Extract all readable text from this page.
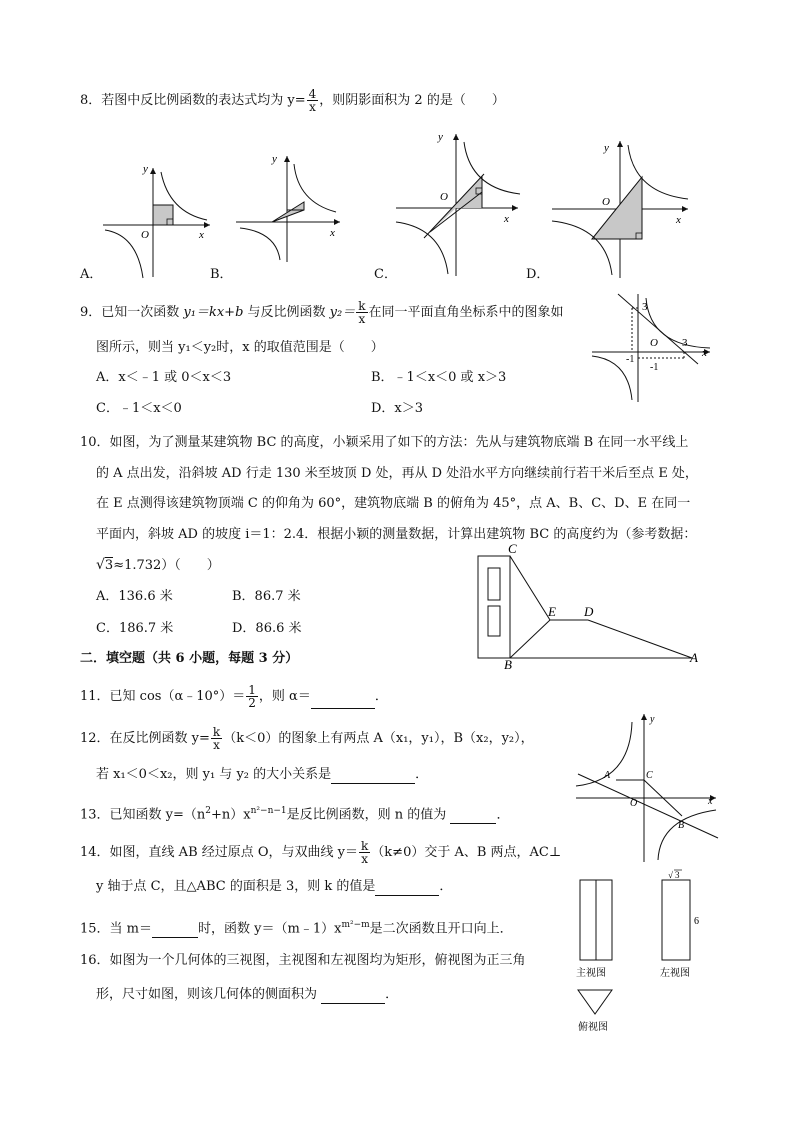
8．若图中反比例函数的表达式均为 $y= \frac{4}{x}$ ，则阴影面积为 2 的是（　　）
y
x
O
A．
y
x
B．
y
x
O
C．
y
x
O
D．
9．已知一次函数 y₁＝kx+b 与反比例函数 $y_2= \frac{k}{x}$ 在同一平面直角坐标系中的图象如
图所示，则当 y₁＜y₂时，x 的取值范围是（　　）
A．x＜﹣1 或 0＜x＜3	B．﹣1＜x＜0 或 x＞3
C．﹣1＜x＜0	D．x＞3
3
-1
O 3
-1
x
10．如图，为了测量某建筑物 BC 的高度，小颖采用了如下的方法：先从与建筑物底端 B 在同一水平线上
的 A 点出发，沿斜坡 AD 行走 130 米至坡顶 D 处，再从 D 处沿水平方向继续前行若干米后至点 E 处，
在 E 点测得该建筑物顶端 C 的仰角为 60°，建筑物底端 B 的俯角为 45°，点 A、B、C、D、E 在同一
平面内，斜坡 AD 的坡度 i＝1：2.4．根据小颖的测量数据，计算出建筑物 BC 的高度约为（参考数据：
√3≈1.732）（　　）
A．136.6 米	B．86.7 米
C．186.7 米	D．86.6 米
C
E D
B	A
二．填空题（共 6 小题，每题 3 分）
11．已知 cos（α﹣10°）＝ $\frac{1}{2}$ ，则 α＝	．
12．在反比例函数 $y= \frac{k}{x} (k<0)$的图象上有两点 A（x₁，y₁），B（x₂，y₂），
若 x₁＜0＜x₂，则 y₁ 与 y₂ 的大小关系是	．
13．已知函数 $y=(n^2+n)x^{n^2-n-1}$是反比例函数，则 n 的值为	．
14．如图，直线 AB 经过原点 O，与双曲线 $y= \frac{k}{x} (k\ne 0)$交于 A、B 两点，AC⊥
y 轴于点 C，且△ABC 的面积是 3，则 k 的值是	．
y
A	C
O	x
B
15．当 m＝	时，函数 $y=(m﹣1)x^{m^2-m}$是二次函数且开口向上．
16．如图为一个几何体的三视图，主视图和左视图均为矩形，俯视图为正三角
形，尺寸如图，则该几何体的侧面积为	．
√ 3
6
主视图	左视图
俯视图
